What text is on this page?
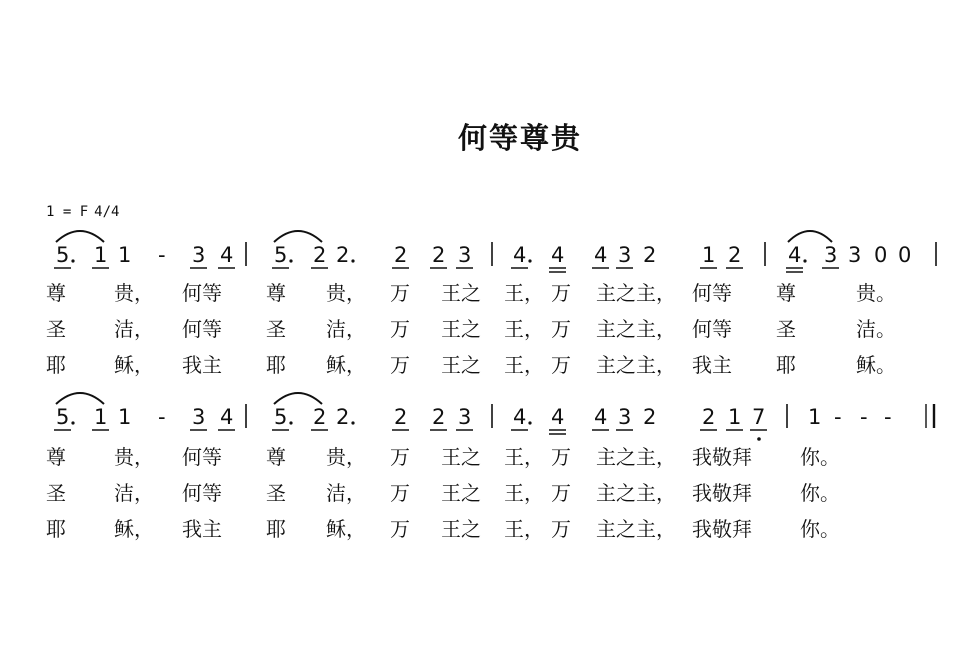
何等尊贵
1 = F 4/4
5 1 1 - 3 4 5 2 2 2 2 3 4 4 4 3 2 1 2 4 3 3 0 0
5 1 1 - 3 4 5 2 2 2 2 3 4 4 4 3 2 2 1 7 1 - - -
尊 贵， 何等 尊 贵， 万 王之 王， 万 主之主， 何等 尊	贵。
圣 洁， 何等 圣 洁， 万 王之 王， 万 主之主， 何等 圣	洁。
耶 稣， 我主 耶 稣， 万 王之 王， 万 主之主， 我主 耶	稣。
尊 贵， 何等 尊 贵， 万 王之 王， 万 主之主， 我敬拜 你。
圣 洁， 何等 圣 洁， 万 王之 王， 万 主之主， 我敬拜 你。
耶 稣， 我主 耶 稣， 万 王之 王， 万 主之主， 我敬拜 你。
